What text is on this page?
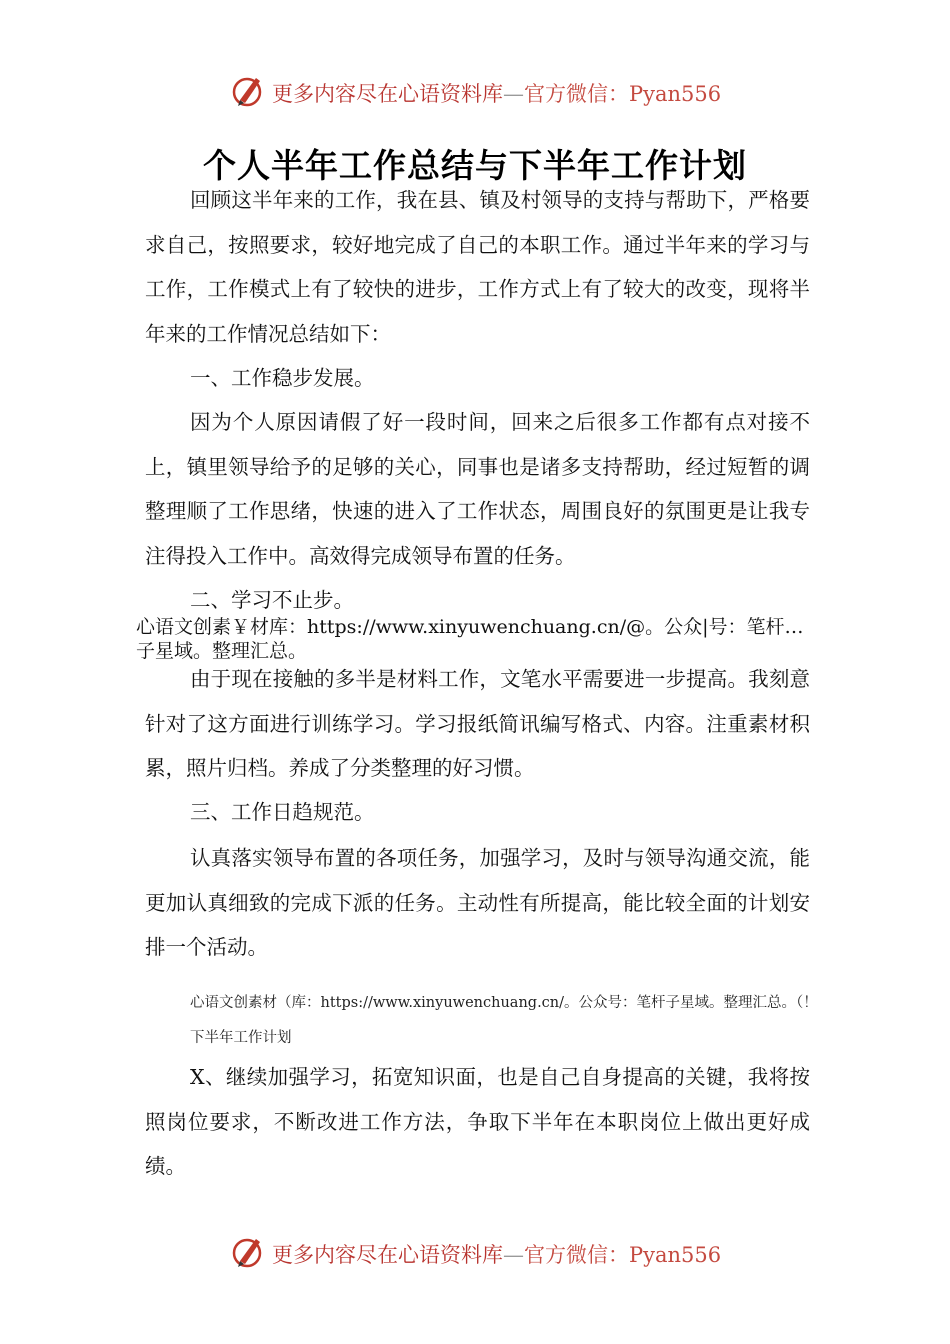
更多内容尽在心语资料库—官方微信：Pyan556
个人半年工作总结与下半年工作计划

回顾这半年来的工作，我在县、镇及村领导的支持与帮助下，严格要求自己，按照要求，较好地完成了自己的本职工作。通过半年来的学习与工作，工作模式上有了较快的进步，工作方式上有了较大的改变，现将半年来的工作情况总结如下：

一、工作稳步发展。

因为个人原因请假了好一段时间，回来之后很多工作都有点对接不上，镇里领导给予的足够的关心，同事也是诸多支持帮助，经过短暂的调整理顺了工作思绪，快速的进入了工作状态，周围良好的氛围更是让我专注得投入工作中。高效得完成领导布置的任务。

二、学习不止步。

心语文创素￥材库：https://www.xinyuwenchuang.cn/@。公众|号：笔杆…子星域。整理汇总。

由于现在接触的多半是材料工作，文笔水平需要进一步提高。我刻意针对了这方面进行训练学习。学习报纸简讯编写格式、内容。注重素材积累，照片归档。养成了分类整理的好习惯。

三、工作日趋规范。

认真落实领导布置的各项任务，加强学习，及时与领导沟通交流，能更加认真细致的完成下派的任务。主动性有所提高，能比较全面的计划安排一个活动。

心语文创素材（库：https://www.xinyuwenchuang.cn/。公众号：笔杆子星域。整理汇总。（！下半年工作计划

X、继续加强学习，拓宽知识面，也是自己自身提高的关键，我将按照岗位要求，不断改进工作方法，争取下半年在本职岗位上做出更好成绩。

更多内容尽在心语资料库—官方微信：Pyan556
